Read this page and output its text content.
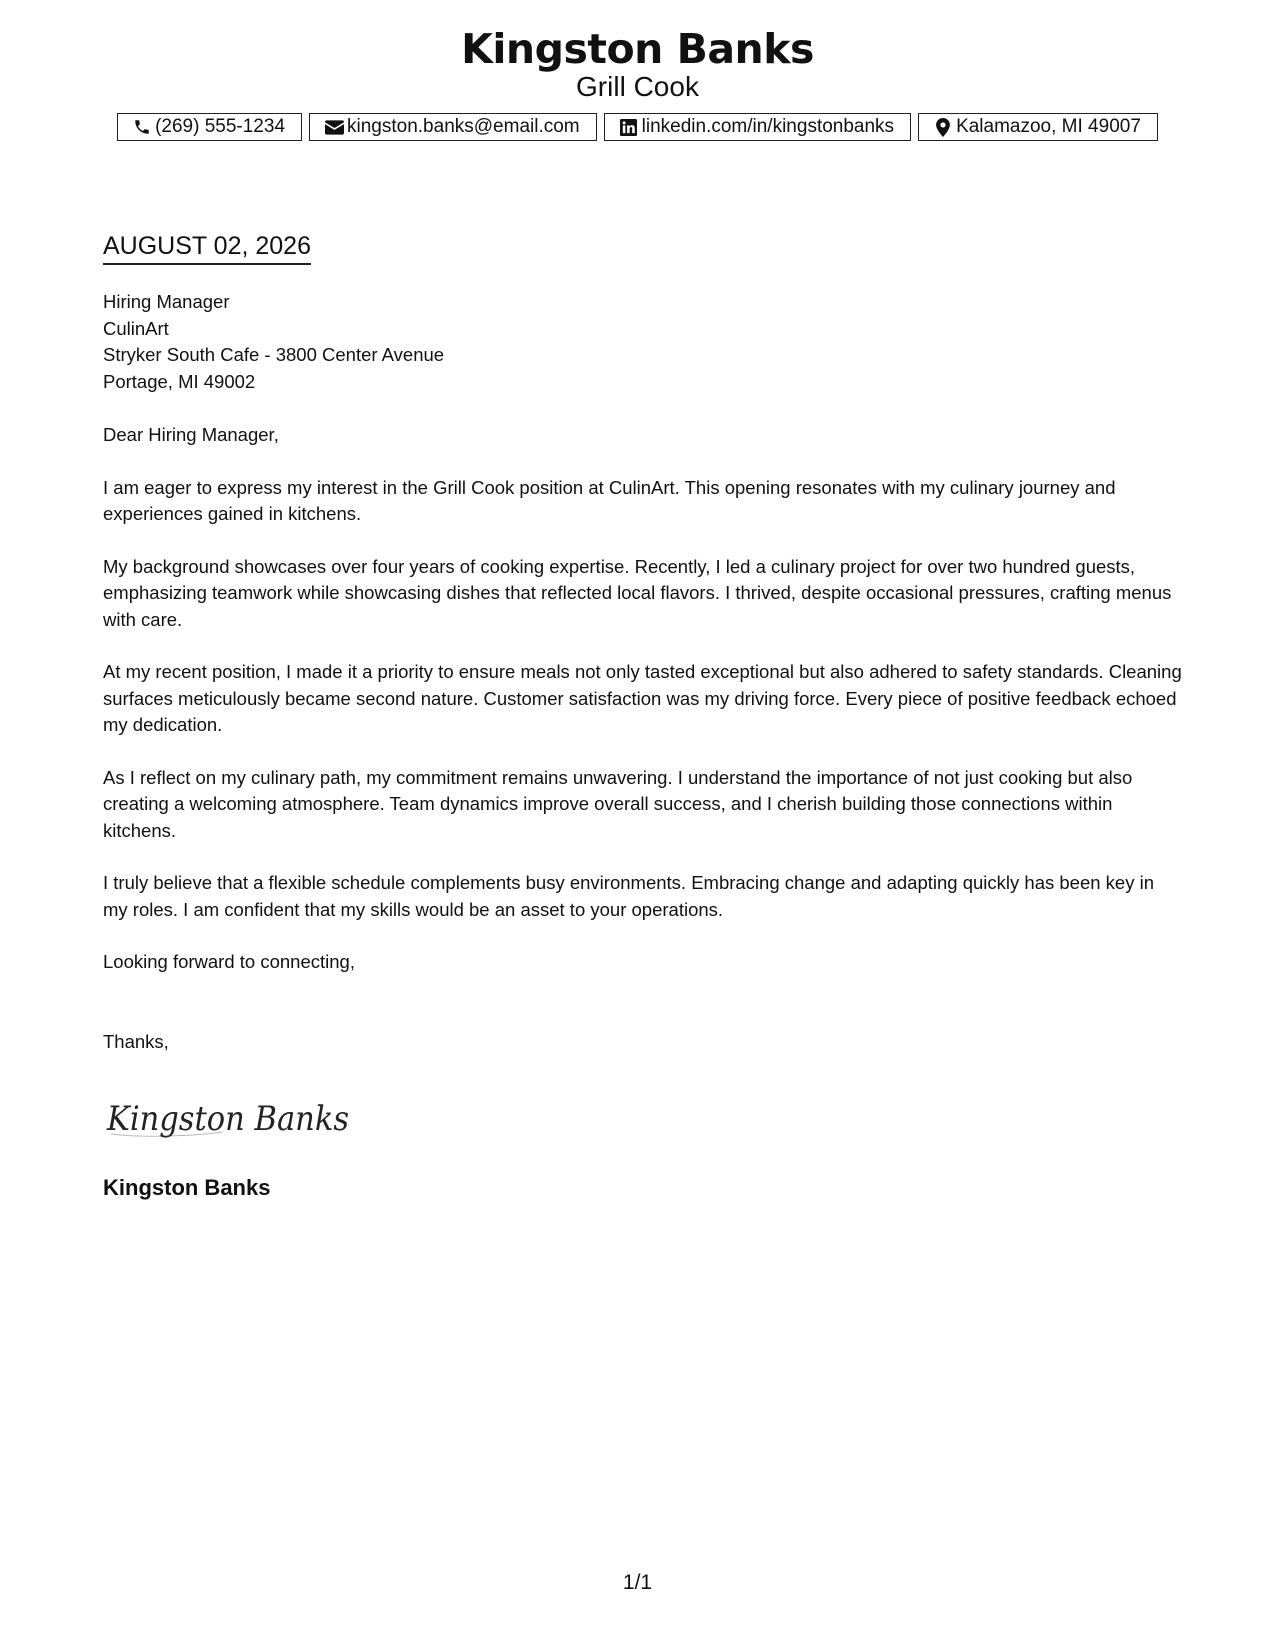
Kingston Banks
Grill Cook
(269) 555-1234	kingston.banks@email.com	linkedin.com/in/kingstonbanks	Kalamazoo, MI 49007
AUGUST 02, 2026
Hiring Manager
CulinArt
Stryker South Cafe - 3800 Center Avenue
Portage, MI 49002

Dear Hiring Manager,

I am eager to express my interest in the Grill Cook position at CulinArt. This opening resonates with my culinary journey and experiences gained in kitchens.

My background showcases over four years of cooking expertise. Recently, I led a culinary project for over two hundred guests, emphasizing teamwork while showcasing dishes that reflected local flavors. I thrived, despite occasional pressures, crafting menus with care.

At my recent position, I made it a priority to ensure meals not only tasted exceptional but also adhered to safety standards. Cleaning surfaces meticulously became second nature. Customer satisfaction was my driving force. Every piece of positive feedback echoed my dedication.

As I reflect on my culinary path, my commitment remains unwavering. I understand the importance of not just cooking but also creating a welcoming atmosphere. Team dynamics improve overall success, and I cherish building those connections within kitchens.

I truly believe that a flexible schedule complements busy environments. Embracing change and adapting quickly has been key in my roles. I am confident that my skills would be an asset to your operations.

Looking forward to connecting,

Thanks,

Kingston Banks
Kingston Banks
1/1
